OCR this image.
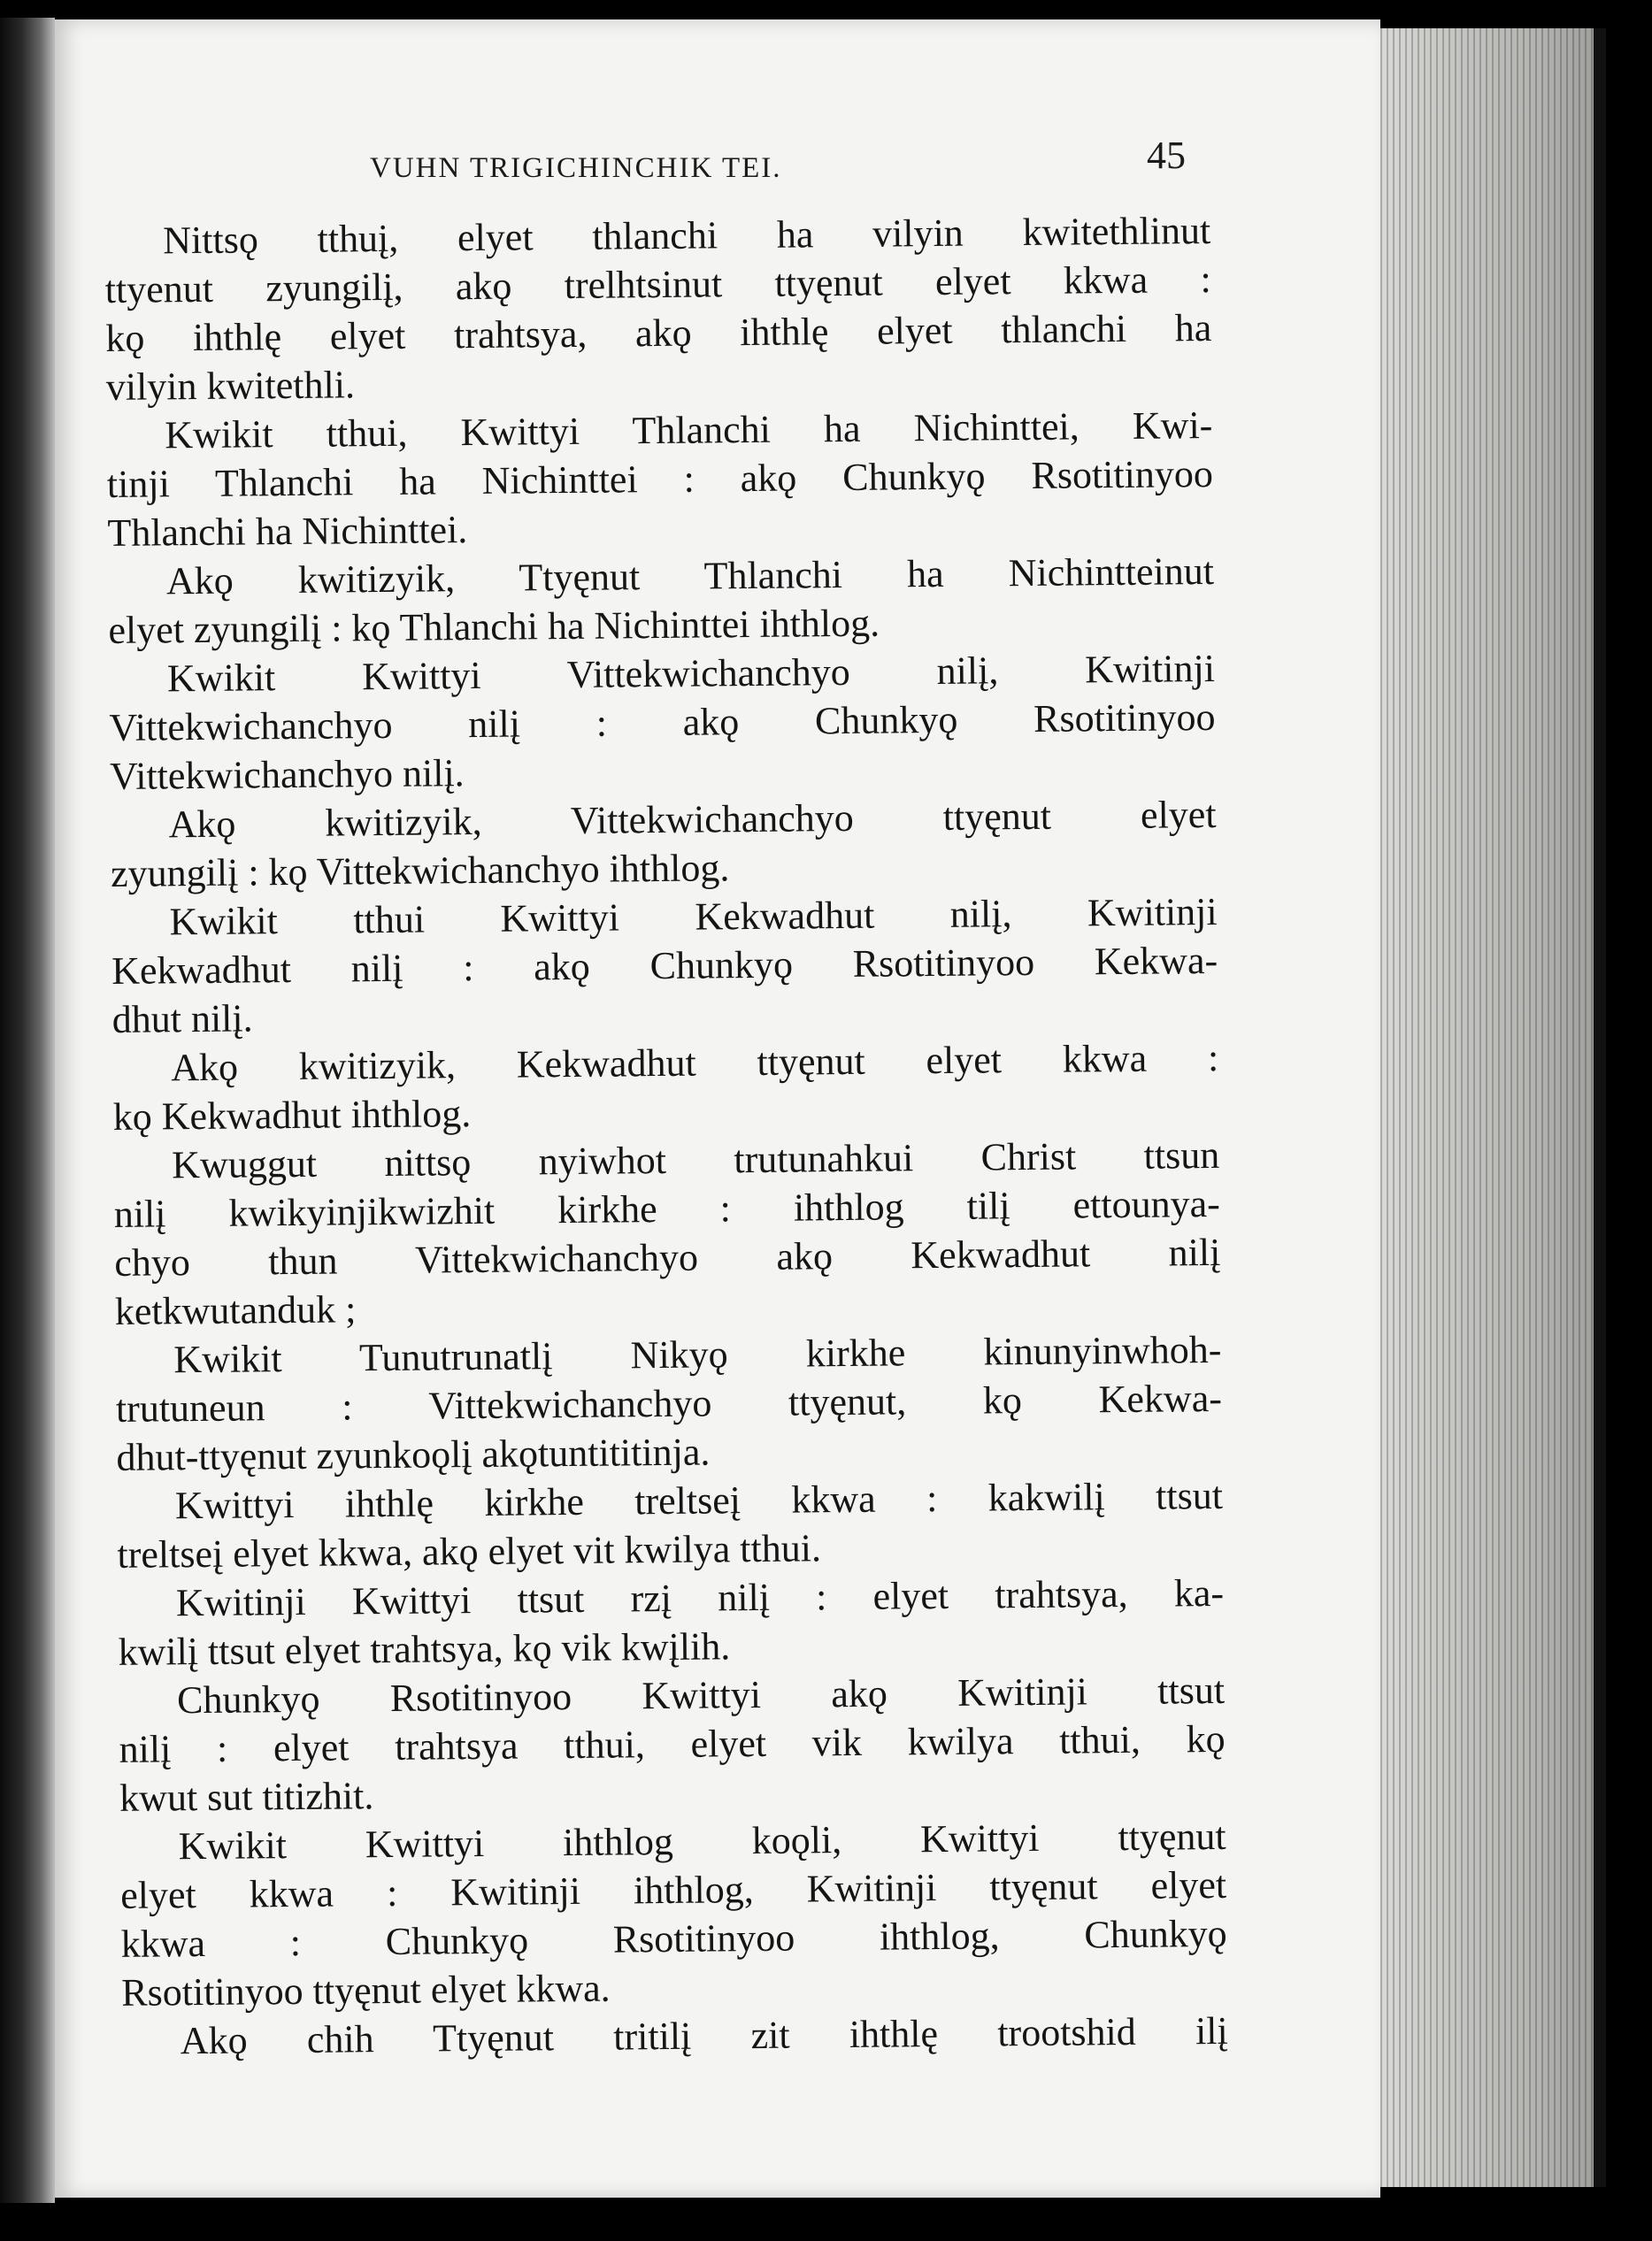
VUHN TRIGICHINCHIK TEI.	45
Nittsǫ tthuį, elyet thlanchi ha vilyin kwitethlinut
ttyenut zyungilį, akǫ trelhtsinut ttyęnut elyet kkwa :
kǫ ihthlę elyet trahtsya, akǫ ihthlę elyet thlanchi ha
vilyin kwitethli.
Kwikit tthui, Kwittyi Thlanchi ha Nichinttei, Kwi-
tinji Thlanchi ha Nichinttei : akǫ Chunkyǫ Rsotitinyoo
Thlanchi ha Nichinttei.
Akǫ kwitizyik, Ttyęnut Thlanchi ha Nichintteinut
elyet zyungilį : kǫ Thlanchi ha Nichinttei ihthlog.
Kwikit Kwittyi Vittekwichanchyo nilį, Kwitinji
Vittekwichanchyo nilį : akǫ Chunkyǫ Rsotitinyoo
Vittekwichanchyo nilį.
Akǫ kwitizyik, Vittekwichanchyo ttyęnut elyet
zyungilį : kǫ Vittekwichanchyo ihthlog.
Kwikit tthui Kwittyi Kekwadhut nilį, Kwitinji
Kekwadhut nilį : akǫ Chunkyǫ Rsotitinyoo Kekwa-
dhut nilį.
Akǫ kwitizyik, Kekwadhut ttyęnut elyet kkwa :
kǫ Kekwadhut ihthlog.
Kwuggut nittsǫ nyiwhot trutunahkui Christ ttsun
nilį kwikyinjikwizhit kirkhe : ihthlog tilį ettounya-
chyo thun Vittekwichanchyo akǫ Kekwadhut nilį
ketkwutanduk ;
Kwikit Tunutrunatlį Nikyǫ kirkhe kinunyinwhoh-
trutuneun : Vittekwichanchyo ttyęnut, kǫ Kekwa-
dhut-ttyęnut zyunkoǫlį akǫtuntititinja.
Kwittyi ihthlę kirkhe treltseį kkwa : kakwilį ttsut
treltseį elyet kkwa, akǫ elyet vit kwilya tthui.
Kwitinji Kwittyi ttsut rzį nilį : elyet trahtsya, ka-
kwilį ttsut elyet trahtsya, kǫ vik kwįlih.
Chunkyǫ Rsotitinyoo Kwittyi akǫ Kwitinji ttsut
nilį : elyet trahtsya tthui, elyet vik kwilya tthui, kǫ
kwut sut titizhit.
Kwikit Kwittyi ihthlog koǫli, Kwittyi ttyęnut
elyet kkwa : Kwitinji ihthlog, Kwitinji ttyęnut elyet
kkwa : Chunkyǫ Rsotitinyoo ihthlog, Chunkyǫ
Rsotitinyoo ttyęnut elyet kkwa.
Akǫ chih Ttyęnut tritilį zit ihthlę trootshid ilį
